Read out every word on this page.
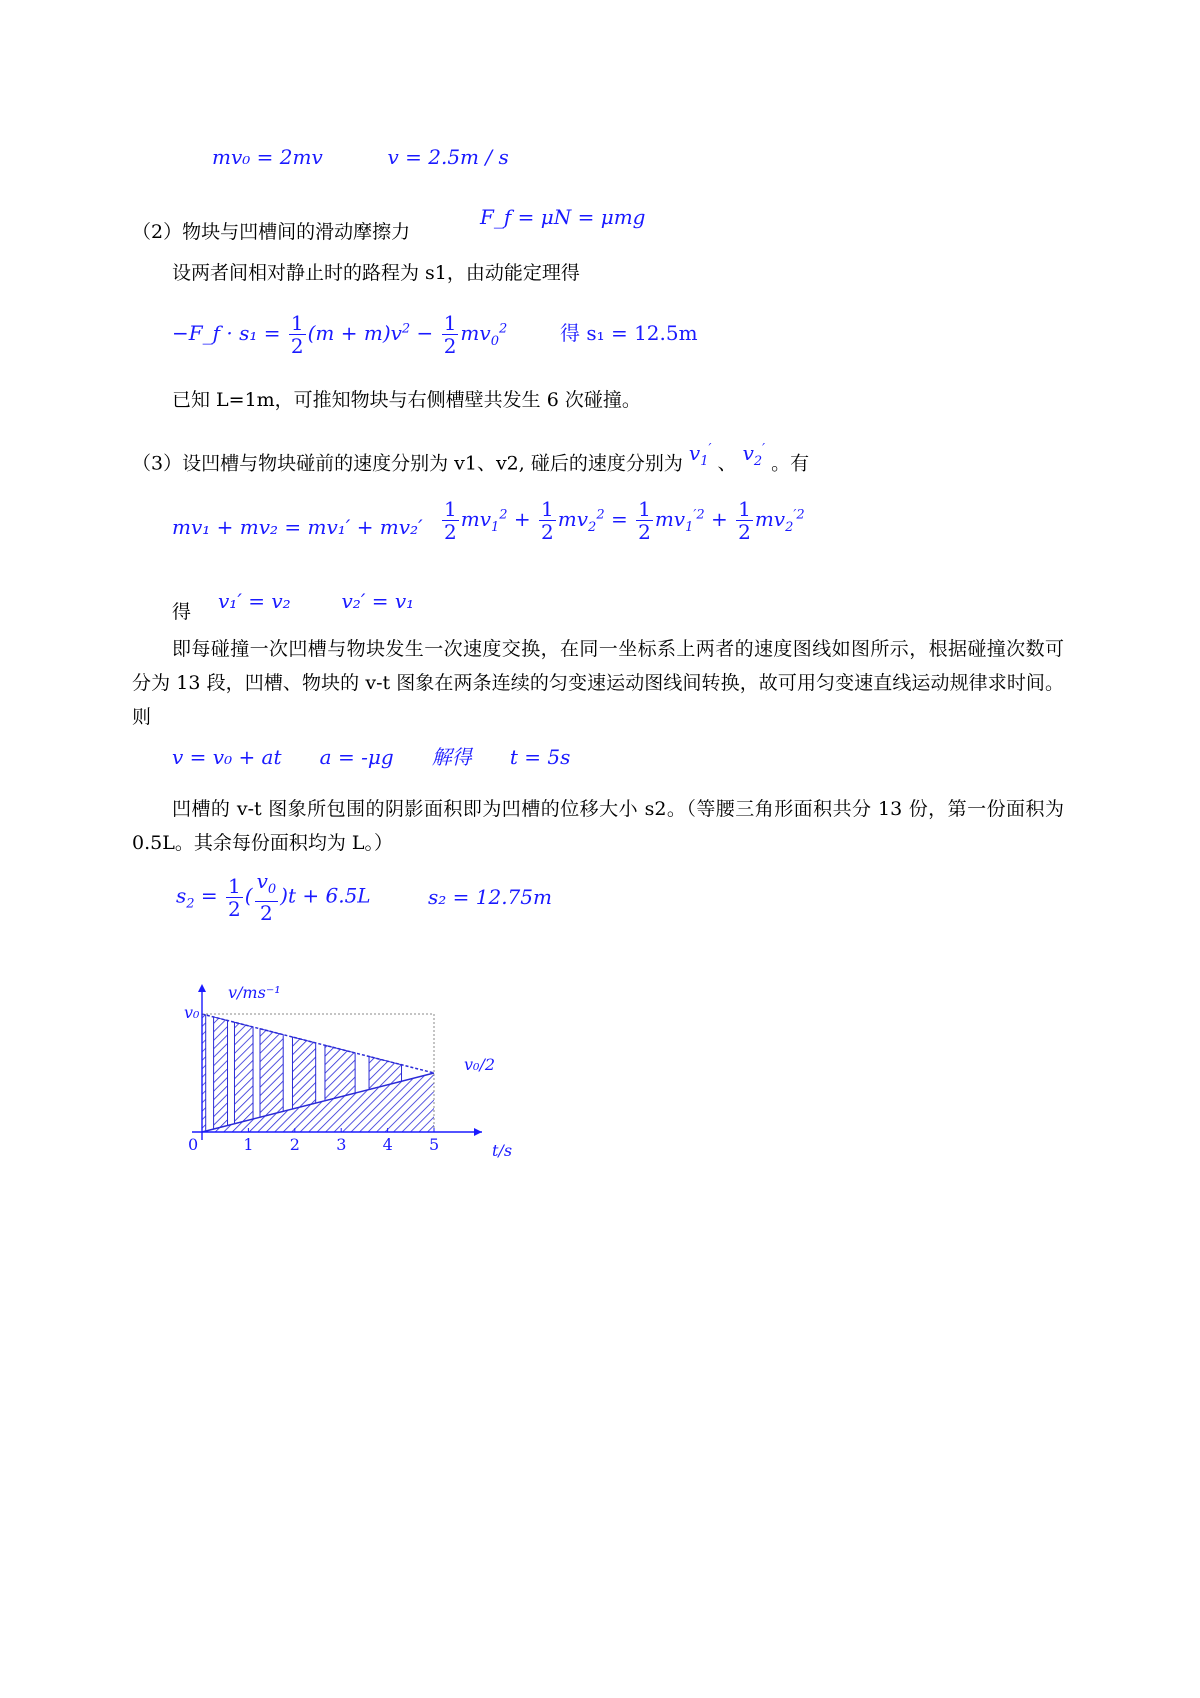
mv₀ = 2mv	v = 2.5m / s
（2）物块与凹槽间的滑动摩擦力
F_f = μN = μmg
设两者间相对静止时的路程为 s1，由动能定理得
−F_f · $s_1 = \frac{1}{2} (m + m)v^2 - \frac{1}{2} mv_0^2$	得 s₁ = 12.5m
已知 L=1m，可推知物块与右侧槽壁共发生 6 次碰撞。
（3）设凹槽与物块碰前的速度分别为 v1、v2, 碰后的速度分别为 $v_1'$ 、 $v_2'$ 。有
$mv_1 + mv_2 = mv_1' + mv_2' \frac{1}{2} mv_1^2 + \frac{1}{2} mv_2^2 = \frac{1}{2} mv_1^{'2} + \frac{1}{2} mv_2^{'2}$
得 v₁′ = v₂        v₂′ = v₁
即每碰撞一次凹槽与物块发生一次速度交换，在同一坐标系上两者的速度图线如图所示，根据碰撞次数可分为 13 段，凹槽、物块的 v-t 图象在两条连续的匀变速运动图线间转换，故可用匀变速直线运动规律求时间。则
v = v₀ + at      a = -μg      解得      t = 5s
凹槽的 v-t 图象所包围的阴影面积即为凹槽的位移大小 s2。（等腰三角形面积共分 13 份，第一份面积为 0.5L。其余每份面积均为 L。）
$s_2 = \frac{1}{2}$ ( $\frac{v_0}{2} )t + 6.5L$	s₂ = 12.75m
1 2 3 4 5
v/ms⁻¹
t/s
0
v₀
v₀/2
